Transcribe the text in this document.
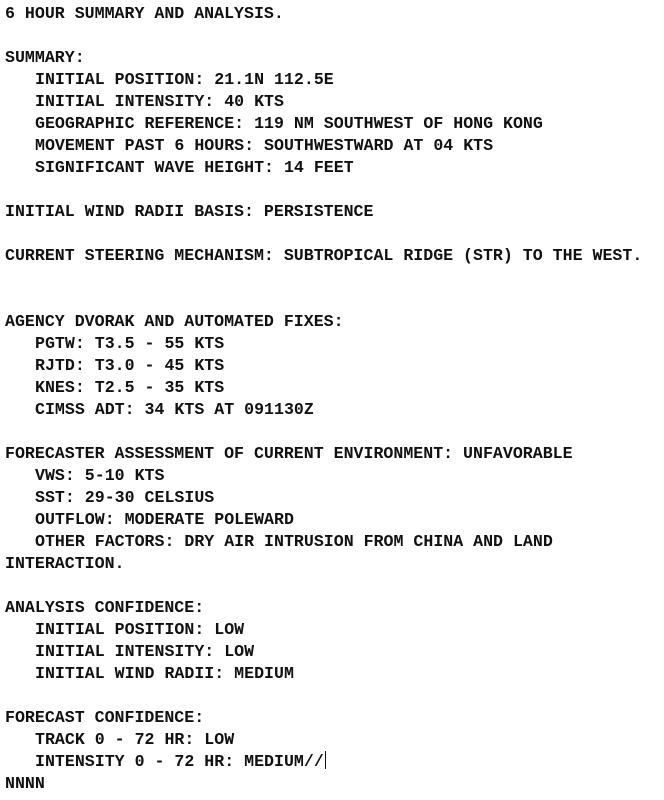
6 HOUR SUMMARY AND ANALYSIS.
SUMMARY:
INITIAL POSITION: 21.1N 112.5E
INITIAL INTENSITY: 40 KTS
GEOGRAPHIC REFERENCE: 119 NM SOUTHWEST OF HONG KONG
MOVEMENT PAST 6 HOURS: SOUTHWESTWARD AT 04 KTS
SIGNIFICANT WAVE HEIGHT: 14 FEET
INITIAL WIND RADII BASIS: PERSISTENCE
CURRENT STEERING MECHANISM: SUBTROPICAL RIDGE (STR) TO THE WEST.
AGENCY DVORAK AND AUTOMATED FIXES:
PGTW: T3.5 - 55 KTS
RJTD: T3.0 - 45 KTS
KNES: T2.5 - 35 KTS
CIMSS ADT: 34 KTS AT 091130Z
FORECASTER ASSESSMENT OF CURRENT ENVIRONMENT: UNFAVORABLE
VWS: 5-10 KTS
SST: 29-30 CELSIUS
OUTFLOW: MODERATE POLEWARD
OTHER FACTORS: DRY AIR INTRUSION FROM CHINA AND LAND
INTERACTION.
ANALYSIS CONFIDENCE:
INITIAL POSITION: LOW
INITIAL INTENSITY: LOW
INITIAL WIND RADII: MEDIUM
FORECAST CONFIDENCE:
TRACK 0 - 72 HR: LOW
INTENSITY 0 - 72 HR: MEDIUM//
NNNN
